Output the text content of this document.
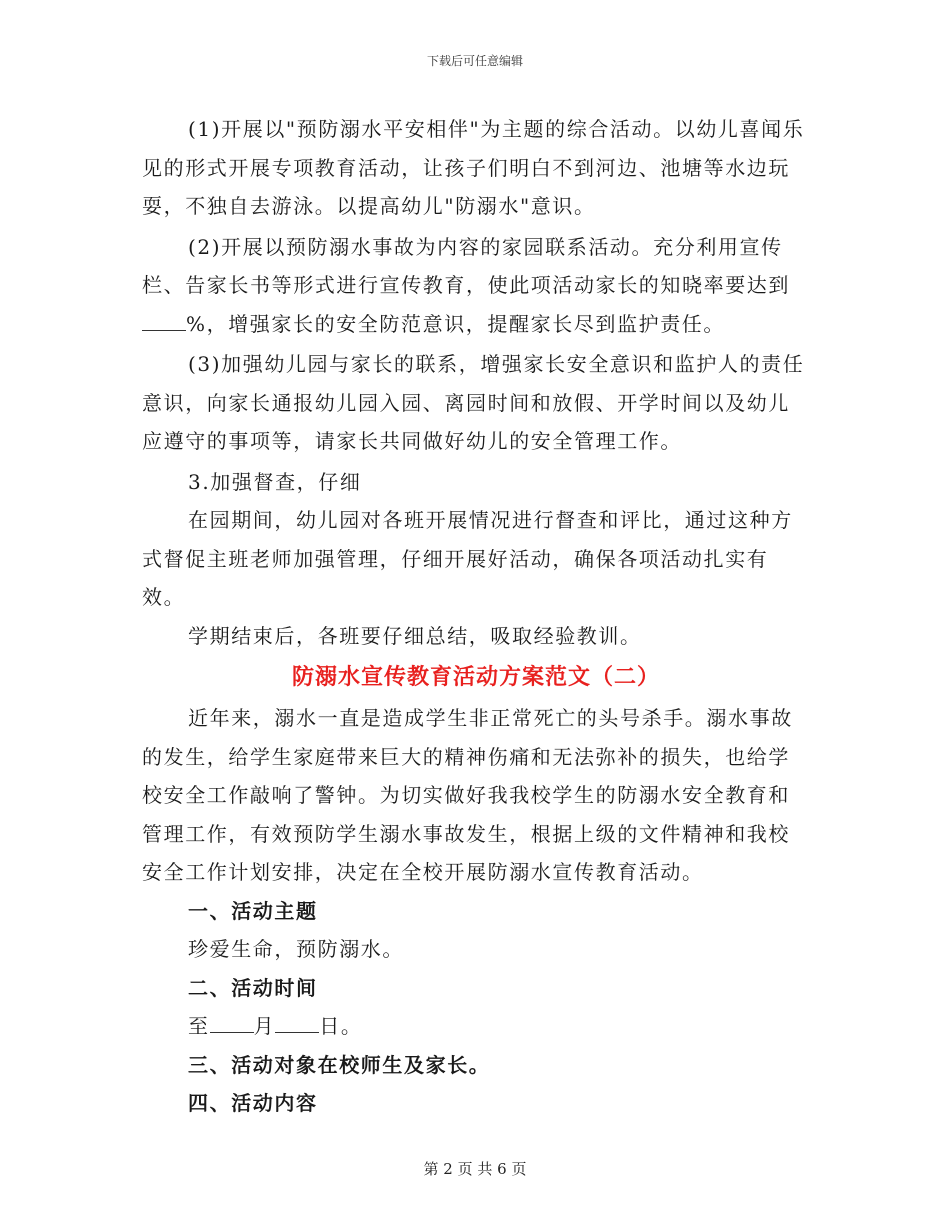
下载后可任意编辑

(1)开展以"预防溺水平安相伴"为主题的综合活动。以幼儿喜闻乐见的形式开展专项教育活动，让孩子们明白不到河边、池塘等水边玩耍，不独自去游泳。以提高幼儿"防溺水"意识。

(2)开展以预防溺水事故为内容的家园联系活动。充分利用宣传栏、告家长书等形式进行宣传教育，使此项活动家长的知晓率要达到%，增强家长的安全防范意识，提醒家长尽到监护责任。

(3)加强幼儿园与家长的联系，增强家长安全意识和监护人的责任意识，向家长通报幼儿园入园、离园时间和放假、开学时间以及幼儿应遵守的事项等，请家长共同做好幼儿的安全管理工作。

3.加强督查，仔细

在园期间，幼儿园对各班开展情况进行督查和评比，通过这种方式督促主班老师加强管理，仔细开展好活动，确保各项活动扎实有效。

学期结束后，各班要仔细总结，吸取经验教训。

防溺水宣传教育活动方案范文（二）

近年来，溺水一直是造成学生非正常死亡的头号杀手。溺水事故的发生，给学生家庭带来巨大的精神伤痛和无法弥补的损失，也给学校安全工作敲响了警钟。为切实做好我我校学生的防溺水安全教育和管理工作，有效预防学生溺水事故发生，根据上级的文件精神和我校安全工作计划安排，决定在全校开展防溺水宣传教育活动。

一、活动主题

珍爱生命，预防溺水。

二、活动时间

至 月 日。

三、活动对象在校师生及家长。

四、活动内容

第 2 页 共 6 页
